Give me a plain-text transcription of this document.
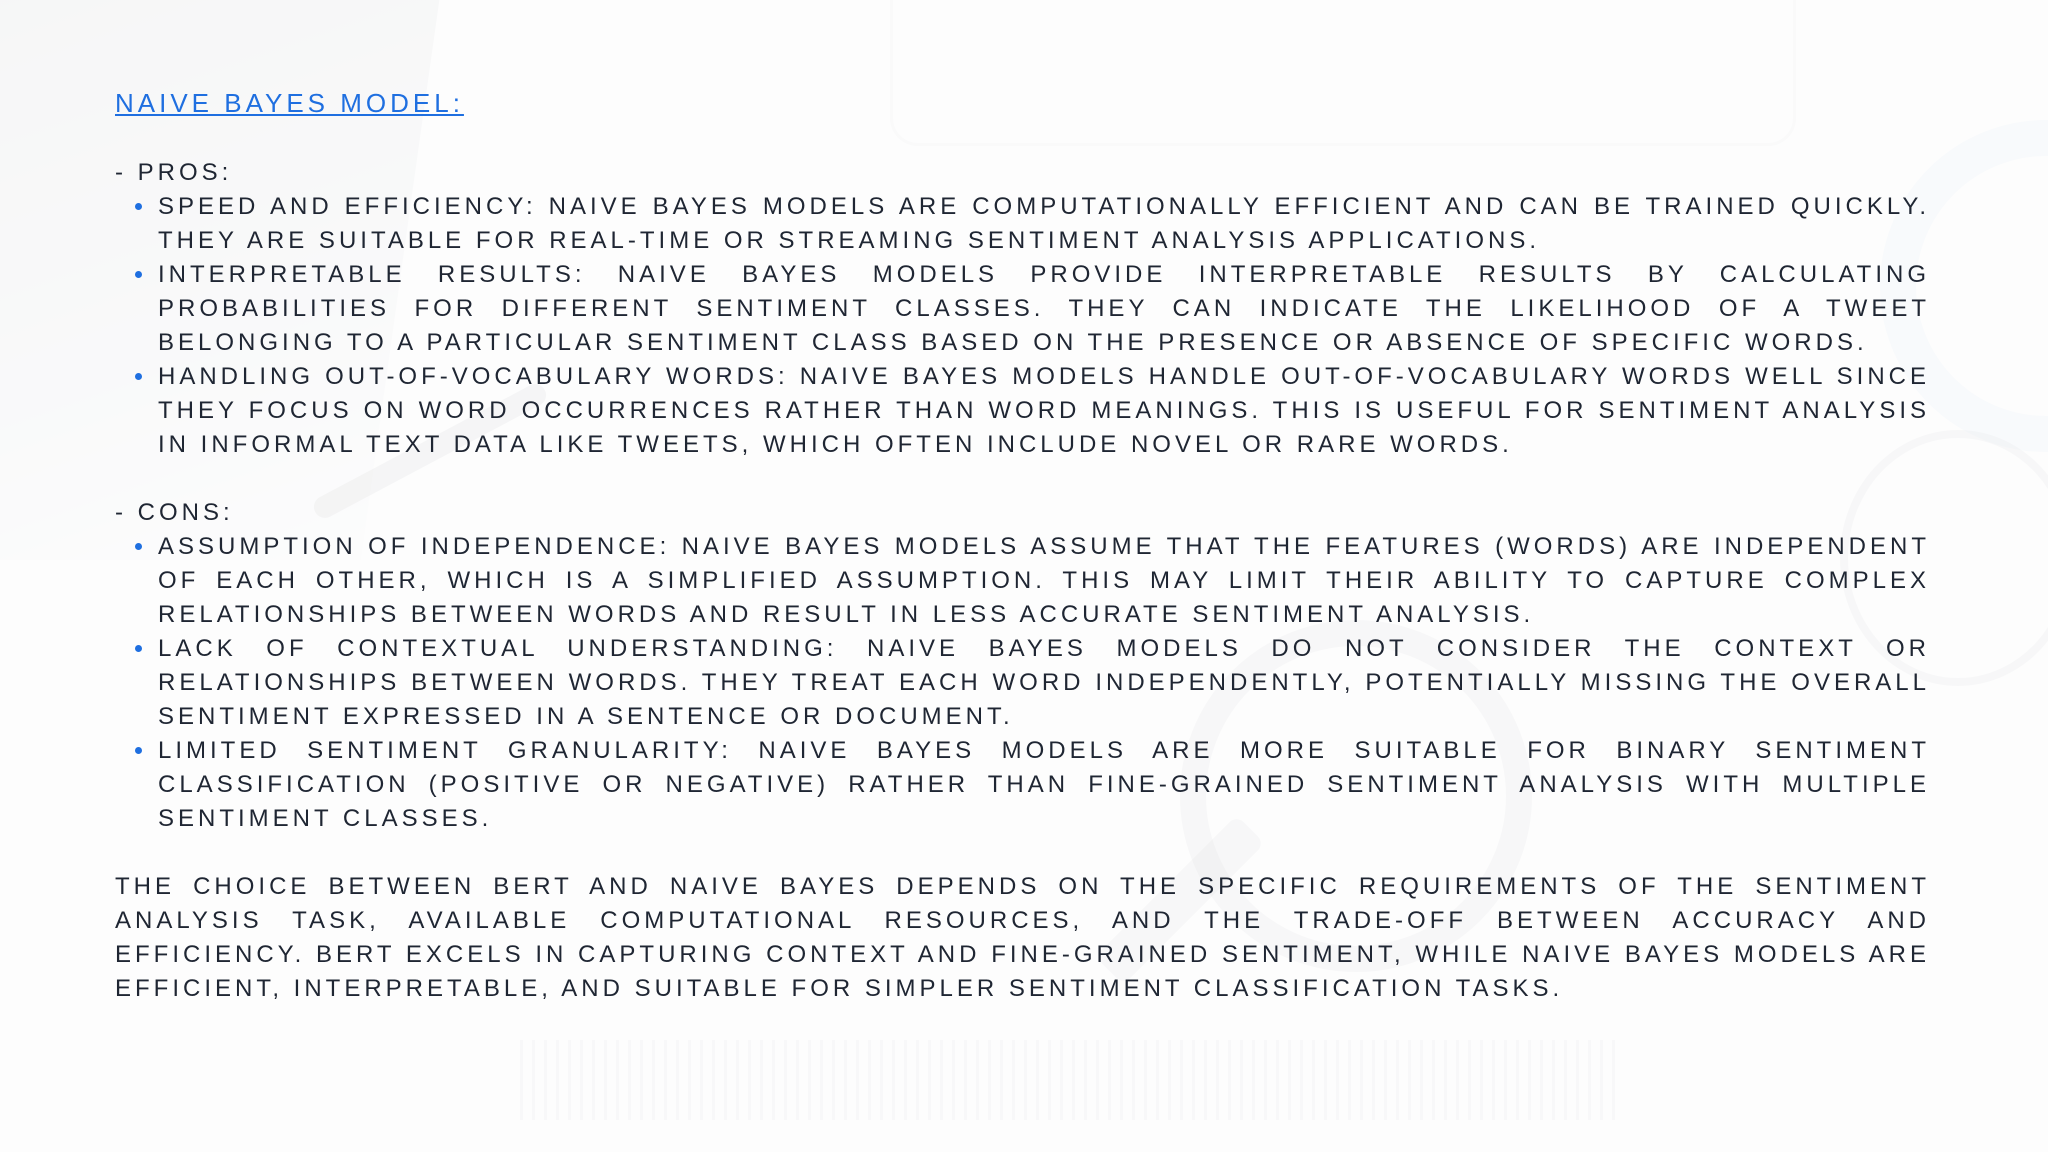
NAIVE BAYES MODEL:

- PROS:

SPEED AND EFFICIENCY: NAIVE BAYES MODELS ARE COMPUTATIONALLY EFFICIENT AND CAN BE TRAINED QUICKLY. THEY ARE SUITABLE FOR REAL-TIME OR STREAMING SENTIMENT ANALYSIS APPLICATIONS.
INTERPRETABLE RESULTS: NAIVE BAYES MODELS PROVIDE INTERPRETABLE RESULTS BY CALCULATING PROBABILITIES FOR DIFFERENT SENTIMENT CLASSES. THEY CAN INDICATE THE LIKELIHOOD OF A TWEET BELONGING TO A PARTICULAR SENTIMENT CLASS BASED ON THE PRESENCE OR ABSENCE OF SPECIFIC WORDS.
HANDLING OUT-OF-VOCABULARY WORDS: NAIVE BAYES MODELS HANDLE OUT-OF-VOCABULARY WORDS WELL SINCE THEY FOCUS ON WORD OCCURRENCES RATHER THAN WORD MEANINGS. THIS IS USEFUL FOR SENTIMENT ANALYSIS IN INFORMAL TEXT DATA LIKE TWEETS, WHICH OFTEN INCLUDE NOVEL OR RARE WORDS.

- CONS:

ASSUMPTION OF INDEPENDENCE: NAIVE BAYES MODELS ASSUME THAT THE FEATURES (WORDS) ARE INDEPENDENT OF EACH OTHER, WHICH IS A SIMPLIFIED ASSUMPTION. THIS MAY LIMIT THEIR ABILITY TO CAPTURE COMPLEX RELATIONSHIPS BETWEEN WORDS AND RESULT IN LESS ACCURATE SENTIMENT ANALYSIS.
LACK OF CONTEXTUAL UNDERSTANDING: NAIVE BAYES MODELS DO NOT CONSIDER THE CONTEXT OR RELATIONSHIPS BETWEEN WORDS. THEY TREAT EACH WORD INDEPENDENTLY, POTENTIALLY MISSING THE OVERALL SENTIMENT EXPRESSED IN A SENTENCE OR DOCUMENT.
LIMITED SENTIMENT GRANULARITY: NAIVE BAYES MODELS ARE MORE SUITABLE FOR BINARY SENTIMENT CLASSIFICATION (POSITIVE OR NEGATIVE) RATHER THAN FINE-GRAINED SENTIMENT ANALYSIS WITH MULTIPLE SENTIMENT CLASSES.

THE CHOICE BETWEEN BERT AND NAIVE BAYES DEPENDS ON THE SPECIFIC REQUIREMENTS OF THE SENTIMENT ANALYSIS TASK, AVAILABLE COMPUTATIONAL RESOURCES, AND THE TRADE-OFF BETWEEN ACCURACY AND EFFICIENCY. BERT EXCELS IN CAPTURING CONTEXT AND FINE-GRAINED SENTIMENT, WHILE NAIVE BAYES MODELS ARE EFFICIENT, INTERPRETABLE, AND SUITABLE FOR SIMPLER SENTIMENT CLASSIFICATION TASKS.
